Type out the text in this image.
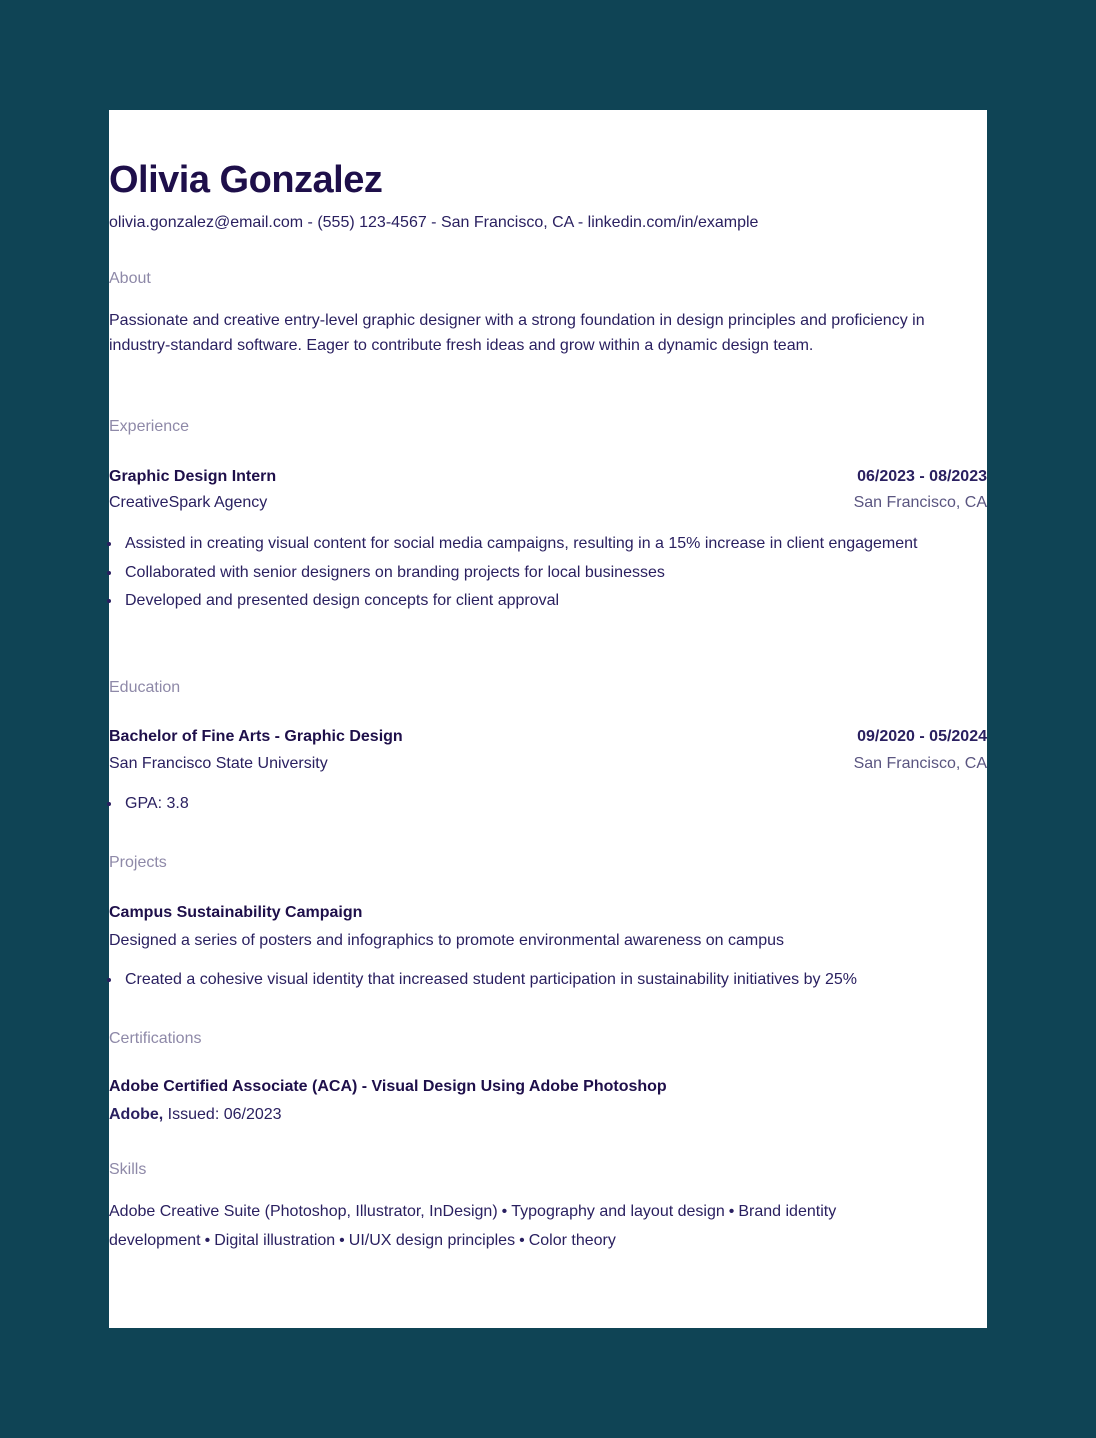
Olivia Gonzalez
olivia.gonzalez@email.com - (555) 123-4567 - San Francisco, CA - linkedin.com/in/example
About
Passionate and creative entry-level graphic designer with a strong foundation in design principles and proficiency in industry-standard software. Eager to contribute fresh ideas and grow within a dynamic design team.
Experience
Graphic Design Intern	06/2023 - 08/2023
CreativeSpark Agency	San Francisco, CA
Assisted in creating visual content for social media campaigns, resulting in a 15% increase in client engagement
Collaborated with senior designers on branding projects for local businesses
Developed and presented design concepts for client approval
Education
Bachelor of Fine Arts - Graphic Design	09/2020 - 05/2024
San Francisco State University	San Francisco, CA
GPA: 3.8
Projects
Campus Sustainability Campaign
Designed a series of posters and infographics to promote environmental awareness on campus
Created a cohesive visual identity that increased student participation in sustainability initiatives by 25%
Certifications
Adobe Certified Associate (ACA) - Visual Design Using Adobe Photoshop
Adobe, Issued: 06/2023
Skills
Adobe Creative Suite (Photoshop, Illustrator, InDesign) • Typography and layout design • Brand identity development • Digital illustration • UI/UX design principles • Color theory
